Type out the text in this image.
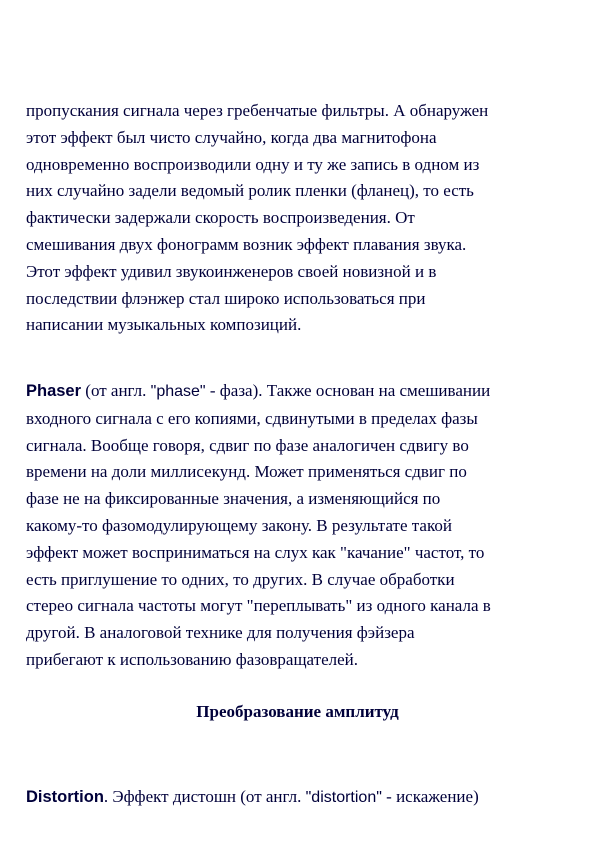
пропускания сигнала через гребенчатые фильтры. А обнаружен
этот эффект был чисто случайно, когда два магнитофона
одновременно воспроизводили одну и ту же запись в одном из
них случайно задели ведомый ролик пленки (фланец), то есть
фактически задержали скорость воспроизведения. От
смешивания двух фонограмм возник эффект плавания звука.
Этот эффект удивил звукоинженеров своей новизной и в
последствии флэнжер стал широко использоваться при
написании музыкальных композиций.
Phaser (от англ. "phase" - фаза). Также основан на смешивании
входного сигнала с его копиями, сдвинутыми в пределах фазы
сигнала. Вообще говоря, сдвиг по фазе аналогичен сдвигу во
времени на доли миллисекунд. Может применяться сдвиг по
фазе не на фиксированные значения, а изменяющийся по
какому-то фазомодулирующему закону. В результате такой
эффект может восприниматься на слух как "качание" частот, то
есть приглушение то одних, то других. В случае обработки
стерео сигнала частоты могут "переплывать" из одного канала в
другой. В аналоговой технике для получения фэйзера
прибегают к использованию фазовращателей.
Преобразование амплитуд
Distortion. Эффект дистошн (от англ. "distortion" - искажение)
